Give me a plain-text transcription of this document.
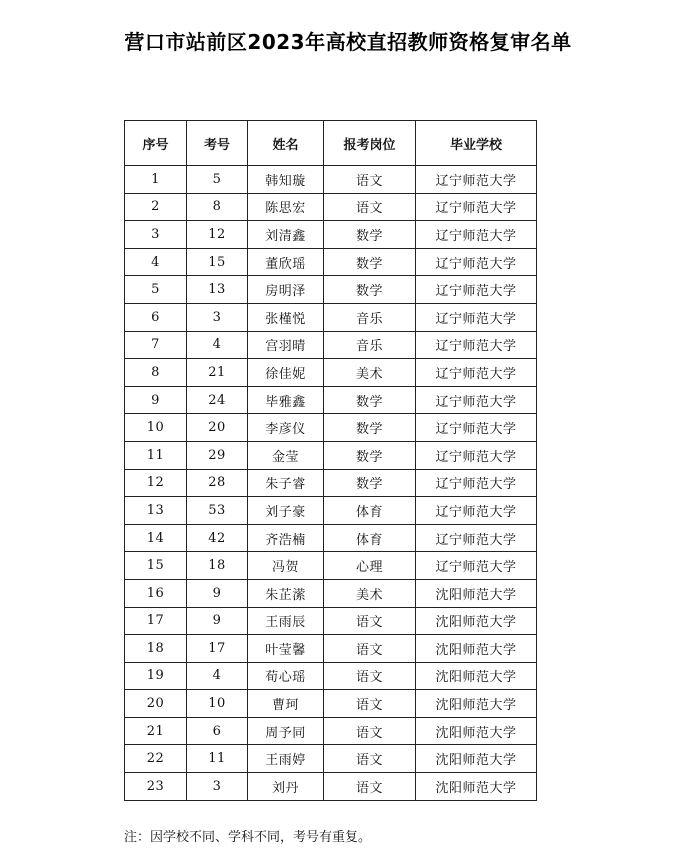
营口市站前区2023年高校直招教师资格复审名单
序号	考号	姓名	报考岗位	毕业学校
1	5	韩知璇	语文	辽宁师范大学
2	8	陈思宏	语文	辽宁师范大学
3	12	刘清鑫	数学	辽宁师范大学
4	15	董欣瑶	数学	辽宁师范大学
5	13	房明泽	数学	辽宁师范大学
6	3	张槿悦	音乐	辽宁师范大学
7	4	宫羽晴	音乐	辽宁师范大学
8	21	徐佳妮	美术	辽宁师范大学
9	24	毕雅鑫	数学	辽宁师范大学
10	20	李彦仪	数学	辽宁师范大学
11	29	金莹	数学	辽宁师范大学
12	28	朱子睿	数学	辽宁师范大学
13	53	刘子豪	体育	辽宁师范大学
14	42	齐浩楠	体育	辽宁师范大学
15	18	冯贺	心理	辽宁师范大学
16	9	朱芷潆	美术	沈阳师范大学
17	9	王雨辰	语文	沈阳师范大学
18	17	叶莹馨	语文	沈阳师范大学
19	4	荀心瑶	语文	沈阳师范大学
20	10	曹珂	语文	沈阳师范大学
21	6	周予同	语文	沈阳师范大学
22	11	王雨婷	语文	沈阳师范大学
23	3	刘丹	语文	沈阳师范大学
注：因学校不同、学科不同，考号有重复。
